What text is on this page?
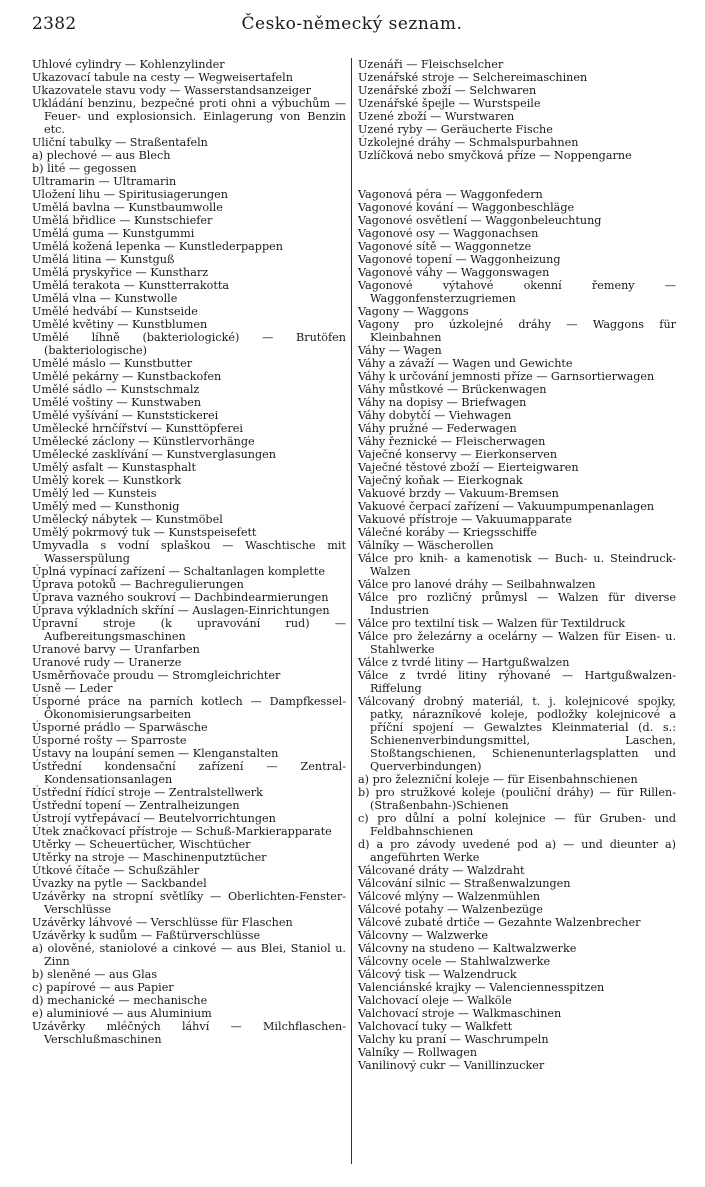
2382	Česko-německý seznam.
Uhlové cylindry — Kohlenzylinder
Ukazovací tabule na cesty — Wegweisertafeln
Ukazovatele stavu vody — Wasserstandsanzeiger
Ukládání benzinu, bezpečné proti ohni a výbuchům — Feuer- und explosionsich. Einlagerung von Benzin etc.
Uliční tabulky — Straßentafeln
a) plechové — aus Blech
b) lité — gegossen
Ultramarin — Ultramarin
Uložení lihu — Spiritusiagerungen
Umělá bavlna — Kunstbaumwolle
Umělá břidlice — Kunstschiefer
Umělá guma — Kunstgummi
Umělá kožená lepenka — Kunstlederpappen
Umělá litina — Kunstguß
Umělá pryskyřice — Kunstharz
Umělá terakota — Kunstterrakotta
Umělá vlna — Kunstwolle
Umělé hedvábí — Kunstseide
Umělé květiny — Kunstblumen
Umělé líhně (bakteriologické) — Brutöfen (bakteriologische)
Umělé máslo — Kunstbutter
Umělé pekárny — Kunstbackofen
Umělé sádlo — Kunstschmalz
Umělé voštiny — Kunstwaben
Umělé vyšívání — Kunststickerei
Umělecké hrnčířství — Kunsttöpferei
Umělecké záclony — Künstlervorhänge
Umělecké zasklívání — Kunstverglasungen
Umělý asfalt — Kunstasphalt
Umělý korek — Kunstkork
Umělý led — Kunsteis
Umělý med — Kunsthonig
Umělecký nábytek — Kunstmöbel
Umělý pokrmový tuk — Kunstspeisefett
Umyvadla s vodní splaškou — Waschtische mit Wasserspülung
Úplná vypínací zařízení — Schaltanlagen komplette
Úprava potoků — Bachregulierungen
Úprava vazného soukroví — Dachbindearmierungen
Úprava výkladních skříní — Auslagen-Einrichtungen
Úpravní stroje (k upravování rud) — Aufbereitungsmaschinen
Uranové barvy — Uranfarben
Uranové rudy — Uranerze
Usměrňovače proudu — Stromgleichrichter
Usně — Leder
Úsporné práce na parních kotlech — Dampfkessel-Ökonomisierungsarbeiten
Úsporné prádlo — Sparwäsche
Úsporné rošty — Sparroste
Ústavy na loupání semen — Klenganstalten
Ústřední kondensační zařízení — Zentral-Kondensationsanlagen
Ústřední řídící stroje — Zentralstellwerk
Ústřední topení — Zentralheizungen
Ústrojí vytřepávací — Beutelvorrichtungen
Útek značkovací přístroje — Schuß-Markierapparate
Utěrky — Scheuertücher, Wischtücher
Utěrky na stroje — Maschinenputztücher
Útkové čítače — Schußzähler
Úvazky na pytle — Sackbandel
Uzávěrky na stropní světlíky — Oberlichten-Fenster-Verschlüsse
Uzávěrky láhvové — Verschlüsse für Flaschen
Uzávěrky k sudům — Faßtürverschlüsse
a) olověné, staniolové a cinkové — aus Blei, Staniol u. Zinn
b) sleněné — aus Glas
c) papírové — aus Papier
d) mechanické — mechanische
e) aluminiové — aus Aluminium
Uzávěrky mléčných láhví — Milchflaschen-Verschlußmaschinen
Uzenáři — Fleischselcher
Uzenářské stroje — Selchereimaschinen
Uzenářské zboží — Selchwaren
Uzenářské špejle — Wurstspeile
Uzené zboží — Wurstwaren
Uzené ryby — Geräucherte Fische
Úzkolejné dráhy — Schmalspurbahnen
Uzlíčková nebo smyčková příze — Noppengarne
Vagonová péra — Waggonfedern
Vagonové kování — Waggonbeschläge
Vagonové osvětlení — Waggonbeleuchtung
Vagonové osy — Waggonachsen
Vagonové sítě — Waggonnetze
Vagonové topení — Waggonheizung
Vagonové váhy — Waggonswagen
Vagonové výtahové okenní řemeny — Waggonfensterzugriemen
Vagony — Waggons
Vagony pro úzkolejné dráhy — Waggons für Kleinbahnen
Váhy — Wagen
Váhy a závaží — Wagen und Gewichte
Váhy k určování jemnosti příze — Garnsortierwagen
Váhy můstkové — Brückenwagen
Váhy na dopisy — Briefwagen
Váhy dobytčí — Viehwagen
Váhy pružné — Federwagen
Váhy řeznické — Fleischerwagen
Vaječné konservy — Eierkonserven
Vaječné těstové zboží — Eierteigwaren
Vaječný koňak — Eierkognak
Vakuové brzdy — Vakuum-Bremsen
Vakuové čerpací zařízení — Vakuumpumpenanlagen
Vakuové přístroje — Vakuumapparate
Válečné koráby — Kriegsschiffe
Válníky — Wäscherollen
Válce pro knih- a kamenotisk — Buch- u. Steindruck-Walzen
Válce pro lanové dráhy — Seilbahnwalzen
Válce pro rozličný průmysl — Walzen für diverse Industrien
Válce pro textilní tisk — Walzen für Textildruck
Válce pro železárny a ocelárny — Walzen für Eisen- u. Stahlwerke
Válce z tvrdé litiny — Hartgußwalzen
Válce z tvrdé litiny rýhované — Hartgußwalzen-Riffelung
Válcovaný drobný materiál, t. j. kolejnicové spojky, patky, nárazníkové koleje, podložky kolejnicové a příční spojení — Gewalztes Kleinmaterial (d. s.: Schienenverbindungsmittel, Laschen, Stoßtangschienen, Schienenunterlagsplatten und Querverbindungen)
a) pro železniční koleje — für Eisenbahnschienen
b) pro stružkové koleje (pouliční dráhy) — für Rillen-(Straßenbahn-)Schienen
c) pro důlní a polní kolejnice — für Gruben- und Feldbahnschienen
d) a pro závody uvedené pod a) — und dieunter a) angeführten Werke
Válcované dráty — Walzdraht
Válcování silnic — Straßenwalzungen
Válcové mlýny — Walzenmühlen
Válcové potahy — Walzenbezüge
Válcové zubaté drtiče — Gezahnte Walzenbrecher
Válcovny — Walzwerke
Válcovny na studeno — Kaltwalzwerke
Válcovny ocele — Stahlwalzwerke
Válcový tisk — Walzendruck
Valenciánské krajky — Valenciennesspitzen
Valchovací oleje — Walköle
Valchovací stroje — Walkmaschinen
Valchovací tuky — Walkfett
Valchy ku praní — Waschrumpeln
Valníky — Rollwagen
Vanilinový cukr — Vanillinzucker
